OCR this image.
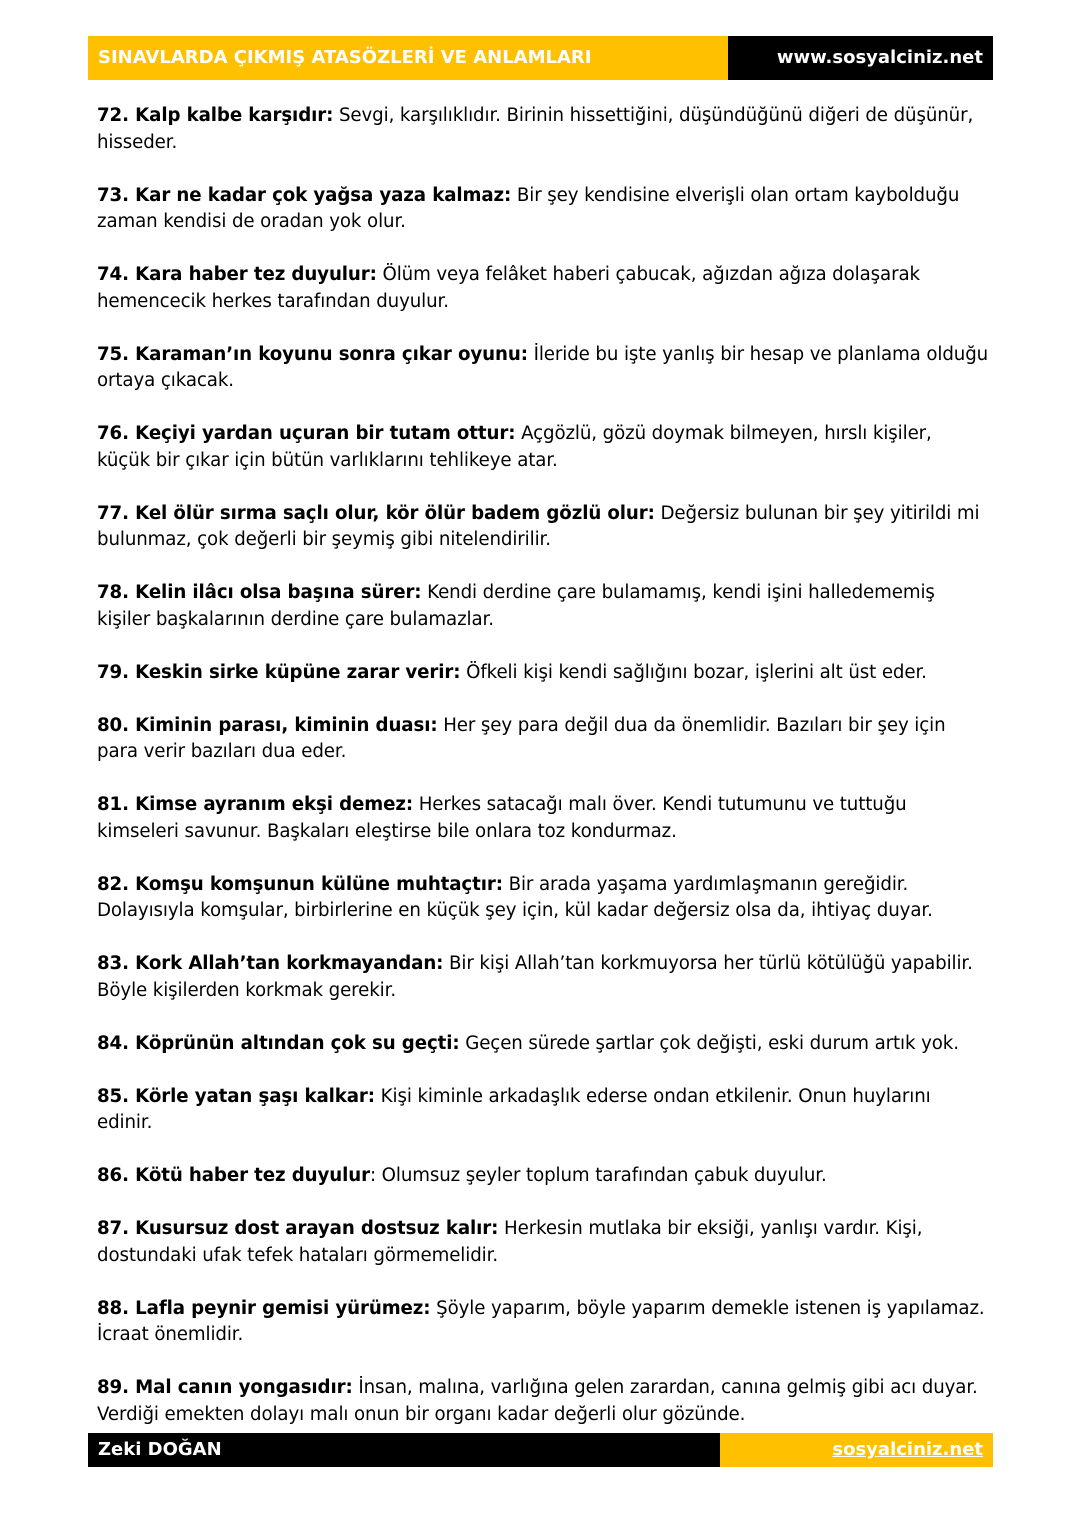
SINAVLARDA ÇIKMIŞ ATASÖZLERİ VE ANLAMLARI	www.sosyalciniz.net

72. Kalp kalbe karşıdır: Sevgi, karşılıklıdır. Birinin hissettiğini, düşündüğünü diğeri de düşünür, hisseder.

73. Kar ne kadar çok yağsa yaza kalmaz: Bir şey kendisine elverişli olan ortam kaybolduğu zaman kendisi de oradan yok olur.

74. Kara haber tez duyulur: Ölüm veya felâket haberi çabucak, ağızdan ağıza dolaşarak hemencecik herkes tarafından duyulur.

75. Karaman’ın koyunu sonra çıkar oyunu: İleride bu işte yanlış bir hesap ve planlama olduğu ortaya çıkacak.

76. Keçiyi yardan uçuran bir tutam ottur: Açgözlü, gözü doymak bilmeyen, hırslı kişiler, küçük bir çıkar için bütün varlıklarını tehlikeye atar.

77. Kel ölür sırma saçlı olur, kör ölür badem gözlü olur: Değersiz bulunan bir şey yitirildi mi bulunmaz, çok değerli bir şeymiş gibi nitelendirilir.

78. Kelin ilâcı olsa başına sürer: Kendi derdine çare bulamamış, kendi işini halledememiş kişiler başkalarının derdine çare bulamazlar.

79. Keskin sirke küpüne zarar verir: Öfkeli kişi kendi sağlığını bozar, işlerini alt üst eder.

80. Kiminin parası, kiminin duası: Her şey para değil dua da önemlidir. Bazıları bir şey için para verir bazıları dua eder.

81. Kimse ayranım ekşi demez: Herkes satacağı malı över. Kendi tutumunu ve tuttuğu kimseleri savunur. Başkaları eleştirse bile onlara toz kondurmaz.

82. Komşu komşunun külüne muhtaçtır: Bir arada yaşama yardımlaşmanın gereğidir. Dolayısıyla komşular, birbirlerine en küçük şey için, kül kadar değersiz olsa da, ihtiyaç duyar.

83. Kork Allah’tan korkmayandan: Bir kişi Allah’tan korkmuyorsa her türlü kötülüğü yapabilir. Böyle kişilerden korkmak gerekir.

84. Köprünün altından çok su geçti: Geçen sürede şartlar çok değişti, eski durum artık yok.

85. Körle yatan şaşı kalkar: Kişi kiminle arkadaşlık ederse ondan etkilenir. Onun huylarını edinir.

86. Kötü haber tez duyulur: Olumsuz şeyler toplum tarafından çabuk duyulur.

87. Kusursuz dost arayan dostsuz kalır: Herkesin mutlaka bir eksiği, yanlışı vardır. Kişi, dostundaki ufak tefek hataları görmemelidir.

88. Lafla peynir gemisi yürümez: Şöyle yaparım, böyle yaparım demekle istenen iş yapılamaz. İcraat önemlidir.

89. Mal canın yongasıdır: İnsan, malına, varlığına gelen zarardan, canına gelmiş gibi acı duyar. Verdiği emekten dolayı malı onun bir organı kadar değerli olur gözünde.

Zeki DOĞAN	sosyalciniz.net
